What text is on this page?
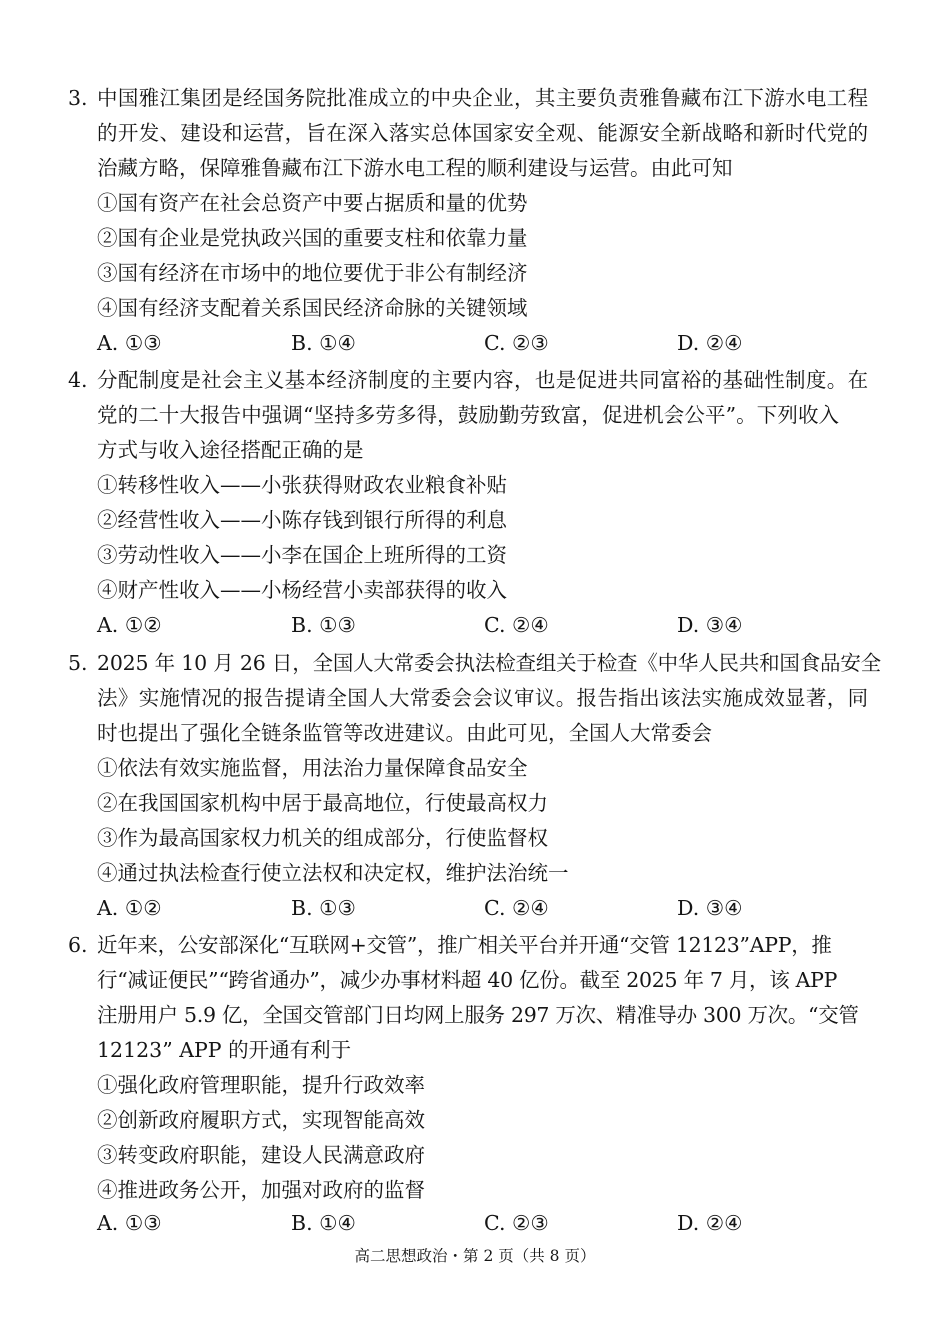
3. 中国雅江集团是经国务院批准成立的中央企业，其主要负责雅鲁藏布江下游水电工程
的开发、建设和运营，旨在深入落实总体国家安全观、能源安全新战略和新时代党的
治藏方略，保障雅鲁藏布江下游水电工程的顺利建设与运营。由此可知
①国有资产在社会总资产中要占据质和量的优势
②国有企业是党执政兴国的重要支柱和依靠力量
③国有经济在市场中的地位要优于非公有制经济
④国有经济支配着关系国民经济命脉的关键领域
A. ①③	B. ①④	C. ②③	D. ②④
4. 分配制度是社会主义基本经济制度的主要内容，也是促进共同富裕的基础性制度。在
党的二十大报告中强调“坚持多劳多得，鼓励勤劳致富，促进机会公平”。下列收入
方式与收入途径搭配正确的是
①转移性收入——小张获得财政农业粮食补贴
②经营性收入——小陈存钱到银行所得的利息
③劳动性收入——小李在国企上班所得的工资
④财产性收入——小杨经营小卖部获得的收入
A. ①②	B. ①③	C. ②④	D. ③④
5. 2025 年 10 月 26 日，全国人大常委会执法检查组关于检查《中华人民共和国食品安全
法》实施情况的报告提请全国人大常委会会议审议。报告指出该法实施成效显著，同
时也提出了强化全链条监管等改进建议。由此可见，全国人大常委会
①依法有效实施监督，用法治力量保障食品安全
②在我国国家机构中居于最高地位，行使最高权力
③作为最高国家权力机关的组成部分，行使监督权
④通过执法检查行使立法权和决定权，维护法治统一
A. ①②	B. ①③	C. ②④	D. ③④
6. 近年来，公安部深化“互联网+交管”，推广相关平台并开通“交管 12123”APP，推
行“减证便民”“跨省通办”，减少办事材料超 40 亿份。截至 2025 年 7 月，该 APP
注册用户 5.9 亿，全国交管部门日均网上服务 297 万次、精准导办 300 万次。“交管
12123” APP 的开通有利于
①强化政府管理职能，提升行政效率
②创新政府履职方式，实现智能高效
③转变政府职能，建设人民满意政府
④推进政务公开，加强对政府的监督
A. ①③	B. ①④	C. ②③	D. ②④
高二思想政治・第 2 页（共 8 页）
